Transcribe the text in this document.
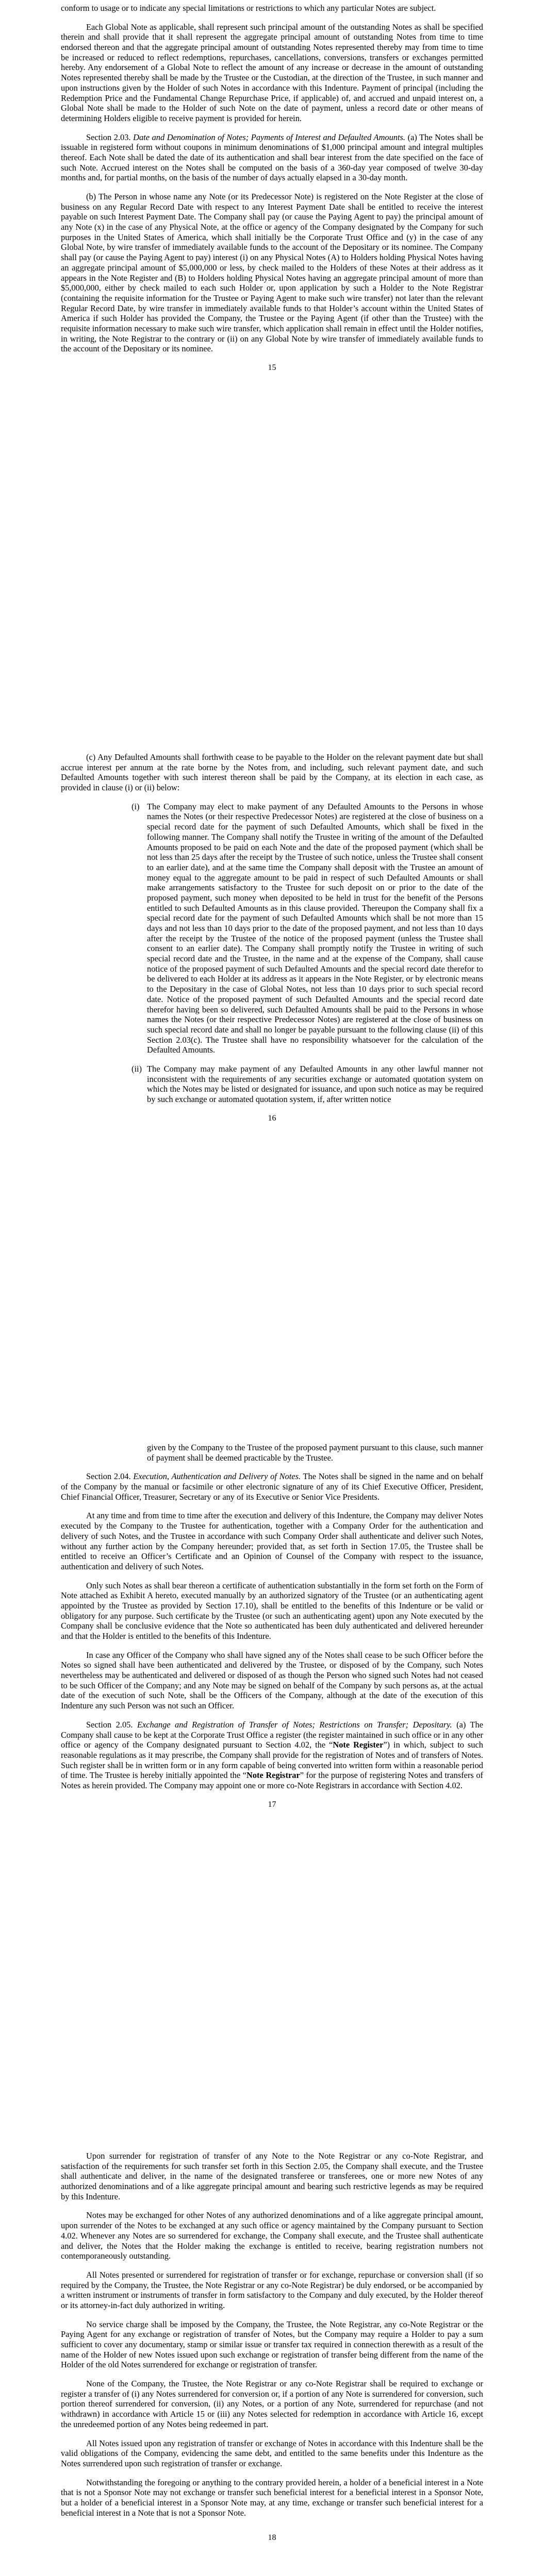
conform to usage or to indicate any special limitations or restrictions to which any particular Notes are subject.

Each Global Note as applicable, shall represent such principal amount of the outstanding Notes as shall be specified therein and shall provide that it shall represent the aggregate principal amount of outstanding Notes from time to time endorsed thereon and that the aggregate principal amount of outstanding Notes represented thereby may from time to time be increased or reduced to reflect redemptions, repurchases, cancellations, conversions, transfers or exchanges permitted hereby. Any endorsement of a Global Note to reflect the amount of any increase or decrease in the amount of outstanding Notes represented thereby shall be made by the Trustee or the Custodian, at the direction of the Trustee, in such manner and upon instructions given by the Holder of such Notes in accordance with this Indenture. Payment of principal (including the Redemption Price and the Fundamental Change Repurchase Price, if applicable) of, and accrued and unpaid interest on, a Global Note shall be made to the Holder of such Note on the date of payment, unless a record date or other means of determining Holders eligible to receive payment is provided for herein.

Section 2.03. Date and Denomination of Notes; Payments of Interest and Defaulted Amounts. (a) The Notes shall be issuable in registered form without coupons in minimum denominations of $1,000 principal amount and integral multiples thereof. Each Note shall be dated the date of its authentication and shall bear interest from the date specified on the face of such Note. Accrued interest on the Notes shall be computed on the basis of a 360-day year composed of twelve 30-day months and, for partial months, on the basis of the number of days actually elapsed in a 30-day month.

(b) The Person in whose name any Note (or its Predecessor Note) is registered on the Note Register at the close of business on any Regular Record Date with respect to any Interest Payment Date shall be entitled to receive the interest payable on such Interest Payment Date. The Company shall pay (or cause the Paying Agent to pay) the principal amount of any Note (x) in the case of any Physical Note, at the office or agency of the Company designated by the Company for such purposes in the United States of America, which shall initially be the Corporate Trust Office and (y) in the case of any Global Note, by wire transfer of immediately available funds to the account of the Depositary or its nominee. The Company shall pay (or cause the Paying Agent to pay) interest (i) on any Physical Notes (A) to Holders holding Physical Notes having an aggregate principal amount of $5,000,000 or less, by check mailed to the Holders of these Notes at their address as it appears in the Note Register and (B) to Holders holding Physical Notes having an aggregate principal amount of more than $5,000,000, either by check mailed to each such Holder or, upon application by such a Holder to the Note Registrar (containing the requisite information for the Trustee or Paying Agent to make such wire transfer) not later than the relevant Regular Record Date, by wire transfer in immediately available funds to that Holder’s account within the United States of America if such Holder has provided the Company, the Trustee or the Paying Agent (if other than the Trustee) with the requisite information necessary to make such wire transfer, which application shall remain in effect until the Holder notifies, in writing, the Note Registrar to the contrary or (ii) on any Global Note by wire transfer of immediately available funds to the account of the Depositary or its nominee.

15

(c) Any Defaulted Amounts shall forthwith cease to be payable to the Holder on the relevant payment date but shall accrue interest per annum at the rate borne by the Notes from, and including, such relevant payment date, and such Defaulted Amounts together with such interest thereon shall be paid by the Company, at its election in each case, as provided in clause (i) or (ii) below:

(i) The Company may elect to make payment of any Defaulted Amounts to the Persons in whose names the Notes (or their respective Predecessor Notes) are registered at the close of business on a special record date for the payment of such Defaulted Amounts, which shall be fixed in the following manner. The Company shall notify the Trustee in writing of the amount of the Defaulted Amounts proposed to be paid on each Note and the date of the proposed payment (which shall be not less than 25 days after the receipt by the Trustee of such notice, unless the Trustee shall consent to an earlier date), and at the same time the Company shall deposit with the Trustee an amount of money equal to the aggregate amount to be paid in respect of such Defaulted Amounts or shall make arrangements satisfactory to the Trustee for such deposit on or prior to the date of the proposed payment, such money when deposited to be held in trust for the benefit of the Persons entitled to such Defaulted Amounts as in this clause provided. Thereupon the Company shall fix a special record date for the payment of such Defaulted Amounts which shall be not more than 15 days and not less than 10 days prior to the date of the proposed payment, and not less than 10 days after the receipt by the Trustee of the notice of the proposed payment (unless the Trustee shall consent to an earlier date). The Company shall promptly notify the Trustee in writing of such special record date and the Trustee, in the name and at the expense of the Company, shall cause notice of the proposed payment of such Defaulted Amounts and the special record date therefor to be delivered to each Holder at its address as it appears in the Note Register, or by electronic means to the Depositary in the case of Global Notes, not less than 10 days prior to such special record date. Notice of the proposed payment of such Defaulted Amounts and the special record date therefor having been so delivered, such Defaulted Amounts shall be paid to the Persons in whose names the Notes (or their respective Predecessor Notes) are registered at the close of business on such special record date and shall no longer be payable pursuant to the following clause (ii) of this Section 2.03(c). The Trustee shall have no responsibility whatsoever for the calculation of the Defaulted Amounts.
(ii) The Company may make payment of any Defaulted Amounts in any other lawful manner not inconsistent with the requirements of any securities exchange or automated quotation system on which the Notes may be listed or designated for issuance, and upon such notice as may be required by such exchange or automated quotation system, if, after written notice

16

given by the Company to the Trustee of the proposed payment pursuant to this clause, such manner of payment shall be deemed practicable by the Trustee.

Section 2.04. Execution, Authentication and Delivery of Notes. The Notes shall be signed in the name and on behalf of the Company by the manual or facsimile or other electronic signature of any of its Chief Executive Officer, President, Chief Financial Officer, Treasurer, Secretary or any of its Executive or Senior Vice Presidents.

At any time and from time to time after the execution and delivery of this Indenture, the Company may deliver Notes executed by the Company to the Trustee for authentication, together with a Company Order for the authentication and delivery of such Notes, and the Trustee in accordance with such Company Order shall authenticate and deliver such Notes, without any further action by the Company hereunder; provided that, as set forth in Section 17.05, the Trustee shall be entitled to receive an Officer’s Certificate and an Opinion of Counsel of the Company with respect to the issuance, authentication and delivery of such Notes.

Only such Notes as shall bear thereon a certificate of authentication substantially in the form set forth on the Form of Note attached as Exhibit A hereto, executed manually by an authorized signatory of the Trustee (or an authenticating agent appointed by the Trustee as provided by Section 17.10), shall be entitled to the benefits of this Indenture or be valid or obligatory for any purpose. Such certificate by the Trustee (or such an authenticating agent) upon any Note executed by the Company shall be conclusive evidence that the Note so authenticated has been duly authenticated and delivered hereunder and that the Holder is entitled to the benefits of this Indenture.

In case any Officer of the Company who shall have signed any of the Notes shall cease to be such Officer before the Notes so signed shall have been authenticated and delivered by the Trustee, or disposed of by the Company, such Notes nevertheless may be authenticated and delivered or disposed of as though the Person who signed such Notes had not ceased to be such Officer of the Company; and any Note may be signed on behalf of the Company by such persons as, at the actual date of the execution of such Note, shall be the Officers of the Company, although at the date of the execution of this Indenture any such Person was not such an Officer.

Section 2.05. Exchange and Registration of Transfer of Notes; Restrictions on Transfer; Depositary. (a) The Company shall cause to be kept at the Corporate Trust Office a register (the register maintained in such office or in any other office or agency of the Company designated pursuant to Section 4.02, the “Note Register”) in which, subject to such reasonable regulations as it may prescribe, the Company shall provide for the registration of Notes and of transfers of Notes. Such register shall be in written form or in any form capable of being converted into written form within a reasonable period of time. The Trustee is hereby initially appointed the “Note Registrar” for the purpose of registering Notes and transfers of Notes as herein provided. The Company may appoint one or more co-Note Registrars in accordance with Section 4.02.

17

Upon surrender for registration of transfer of any Note to the Note Registrar or any co-Note Registrar, and satisfaction of the requirements for such transfer set forth in this Section 2.05, the Company shall execute, and the Trustee shall authenticate and deliver, in the name of the designated transferee or transferees, one or more new Notes of any authorized denominations and of a like aggregate principal amount and bearing such restrictive legends as may be required by this Indenture.

Notes may be exchanged for other Notes of any authorized denominations and of a like aggregate principal amount, upon surrender of the Notes to be exchanged at any such office or agency maintained by the Company pursuant to Section 4.02. Whenever any Notes are so surrendered for exchange, the Company shall execute, and the Trustee shall authenticate and deliver, the Notes that the Holder making the exchange is entitled to receive, bearing registration numbers not contemporaneously outstanding.

All Notes presented or surrendered for registration of transfer or for exchange, repurchase or conversion shall (if so required by the Company, the Trustee, the Note Registrar or any co-Note Registrar) be duly endorsed, or be accompanied by a written instrument or instruments of transfer in form satisfactory to the Company and duly executed, by the Holder thereof or its attorney-in-fact duly authorized in writing.

No service charge shall be imposed by the Company, the Trustee, the Note Registrar, any co-Note Registrar or the Paying Agent for any exchange or registration of transfer of Notes, but the Company may require a Holder to pay a sum sufficient to cover any documentary, stamp or similar issue or transfer tax required in connection therewith as a result of the name of the Holder of new Notes issued upon such exchange or registration of transfer being different from the name of the Holder of the old Notes surrendered for exchange or registration of transfer.

None of the Company, the Trustee, the Note Registrar or any co-Note Registrar shall be required to exchange or register a transfer of (i) any Notes surrendered for conversion or, if a portion of any Note is surrendered for conversion, such portion thereof surrendered for conversion, (ii) any Notes, or a portion of any Note, surrendered for repurchase (and not withdrawn) in accordance with Article 15 or (iii) any Notes selected for redemption in accordance with Article 16, except the unredeemed portion of any Notes being redeemed in part.

All Notes issued upon any registration of transfer or exchange of Notes in accordance with this Indenture shall be the valid obligations of the Company, evidencing the same debt, and entitled to the same benefits under this Indenture as the Notes surrendered upon such registration of transfer or exchange.

Notwithstanding the foregoing or anything to the contrary provided herein, a holder of a beneficial interest in a Note that is not a Sponsor Note may not exchange or transfer such beneficial interest for a beneficial interest in a Sponsor Note, but a holder of a beneficial interest in a Sponsor Note may, at any time, exchange or transfer such beneficial interest for a beneficial interest in a Note that is not a Sponsor Note.

18
